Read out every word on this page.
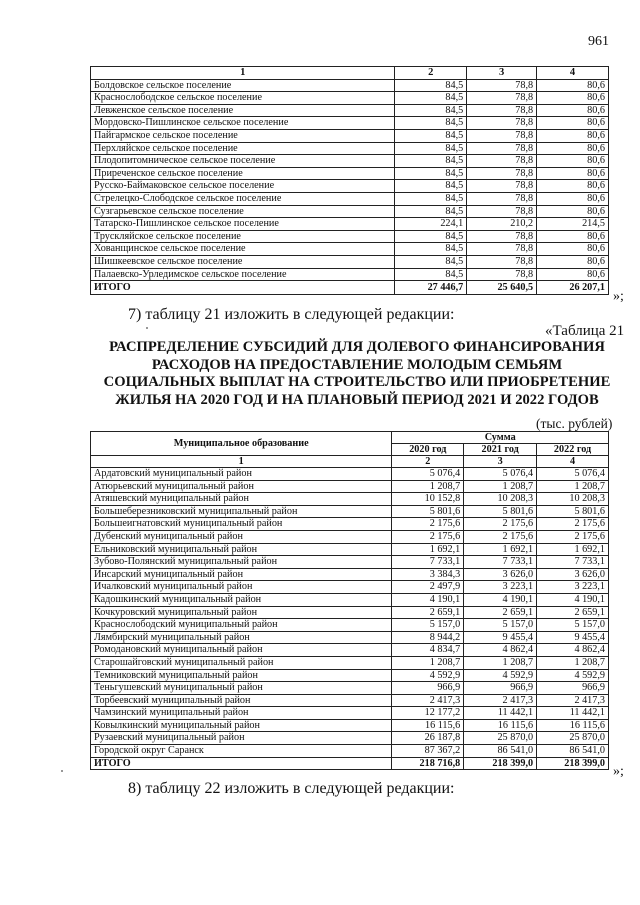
961
1	2	3	4
Болдовское сельское поселение	84,5	78,8	80,6
Краснослободское сельское поселение	84,5	78,8	80,6
Левженское сельское поселение	84,5	78,8	80,6
Мордовско-Пишлинское сельское поселение	84,5	78,8	80,6
Пайгармское сельское поселение	84,5	78,8	80,6
Перхляйское сельское поселение	84,5	78,8	80,6
Плодопитомническое сельское поселение	84,5	78,8	80,6
Приреченское сельское поселение	84,5	78,8	80,6
Русско-Баймаковское сельское поселение	84,5	78,8	80,6
Стрелецко-Слободское сельское поселение	84,5	78,8	80,6
Сузгарьевское сельское поселение	84,5	78,8	80,6
Татарско-Пишлинское сельское поселение	224,1	210,2	214,5
Трускляйское сельское поселение	84,5	78,8	80,6
Хованщинское сельское поселение	84,5	78,8	80,6
Шишкеевское сельское поселение	84,5	78,8	80,6
Палаевско-Урледимское сельское поселение	84,5	78,8	80,6
ИТОГО	27 446,7	25 640,5	26 207,1
»;
7) таблицу 21 изложить в следующей редакции:
«Таблица 21
РАСПРЕДЕЛЕНИЕ СУБСИДИЙ ДЛЯ ДОЛЕВОГО ФИНАНСИРОВАНИЯ РАСХОДОВ НА ПРЕДОСТАВЛЕНИЕ МОЛОДЫМ СЕМЬЯМ СОЦИАЛЬНЫХ ВЫПЛАТ НА СТРОИТЕЛЬСТВО ИЛИ ПРИОБРЕТЕНИЕ ЖИЛЬЯ НА 2020 ГОД И НА ПЛАНОВЫЙ ПЕРИОД 2021 И 2022 ГОДОВ
(тыс. рублей)
Муниципальное образование	Сумма		
	2020 год	2021 год	2022 год
1	2	3	4
Ардатовский муниципальный район	5 076,4	5 076,4	5 076,4
Атюрьевский муниципальный район	1 208,7	1 208,7	1 208,7
Атяшевский муниципальный район	10 152,8	10 208,3	10 208,3
Большеберезниковский муниципальный район	5 801,6	5 801,6	5 801,6
Большеигнатовский муниципальный район	2 175,6	2 175,6	2 175,6
Дубенский муниципальный район	2 175,6	2 175,6	2 175,6
Ельниковский муниципальный район	1 692,1	1 692,1	1 692,1
Зубово-Полянский муниципальный район	7 733,1	7 733,1	7 733,1
Инсарский муниципальный район	3 384,3	3 626,0	3 626,0
Ичалковский муниципальный район	2 497,9	3 223,1	3 223,1
Кадошкинский муниципальный район	4 190,1	4 190,1	4 190,1
Кочкуровский муниципальный район	2 659,1	2 659,1	2 659,1
Краснослободский муниципальный район	5 157,0	5 157,0	5 157,0
Лямбирский муниципальный район	8 944,2	9 455,4	9 455,4
Ромодановский муниципальный район	4 834,7	4 862,4	4 862,4
Старошайговский муниципальный район	1 208,7	1 208,7	1 208,7
Темниковский муниципальный район	4 592,9	4 592,9	4 592,9
Теньгушевский муниципальный район	966,9	966,9	966,9
Торбеевский муниципальный район	2 417,3	2 417,3	2 417,3
Чамзинский муниципальный район	12 177,2	11 442,1	11 442,1
Ковылкинский муниципальный район	16 115,6	16 115,6	16 115,6
Рузаевский муниципальный район	26 187,8	25 870,0	25 870,0
Городской округ Саранск	87 367,2	86 541,0	86 541,0
ИТОГО	218 716,8	218 399,0	218 399,0
»;
8) таблицу 22 изложить в следующей редакции:
